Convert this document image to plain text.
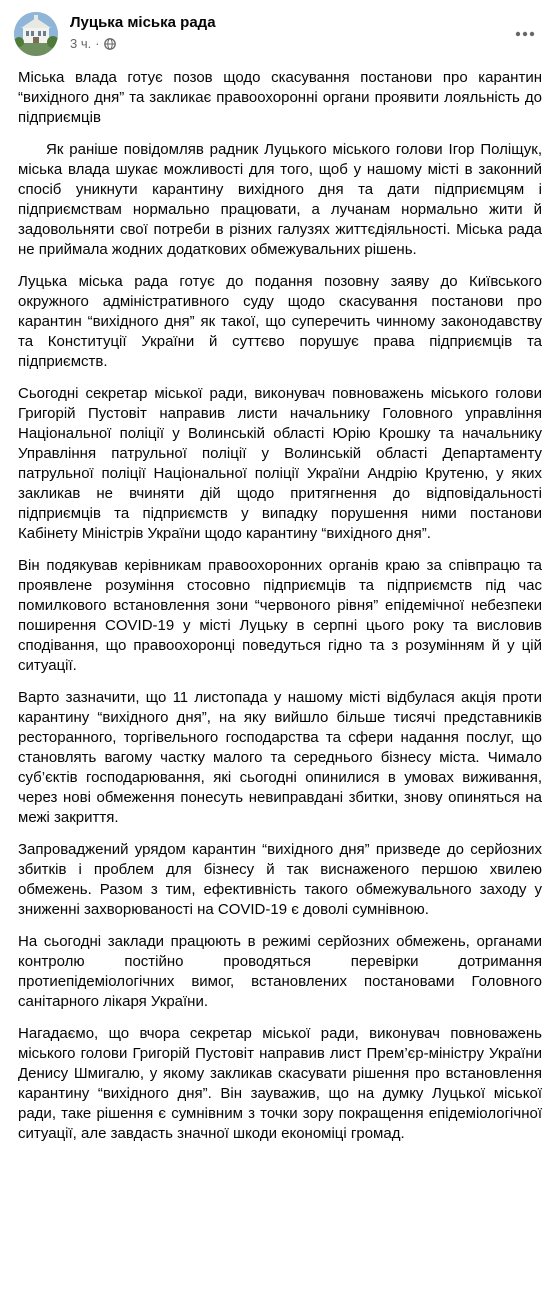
Луцька міська рада
3 ч. ·

Міська влада готує позов щодо скасування постанови про карантин “вихідного дня” та закликає правоохоронні органи проявити лояльність до підприємців

Як раніше повідомляв радник Луцького міського голови Ігор Поліщук, міська влада шукає можливості для того, щоб у нашому місті в законний спосіб уникнути карантину вихідного дня та дати підприємцям і підприємствам нормально працювати, а лучанам нормально жити й задовольняти свої потреби в різних галузях життєдіяльності. Міська рада не приймала жодних додаткових обмежувальних рішень.

Луцька міська рада готує до подання позовну заяву до Київського окружного адміністративного суду щодо скасування постанови про карантин “вихідного дня” як такої, що суперечить чинному законодавству та Конституції України й суттєво порушує права підприємців та підприємств.

Сьогодні секретар міської ради, виконувач повноважень міського голови Григорій Пустовіт направив листи начальнику Головного управління Національної поліції у Волинській області Юрію Крошку та начальнику Управління патрульної поліції у Волинській області Департаменту патрульної поліції Національної поліції України Андрію Крутеню, у яких закликав не вчиняти дій щодо притягнення до відповідальності підприємців та підприємств у випадку порушення ними постанови Кабінету Міністрів України щодо карантину “вихідного дня”.

Він подякував керівникам правоохоронних органів краю за співпрацю та проявлене розуміння стосовно підприємців та підприємств під час помилкового встановлення зони “червоного рівня” епідемічної небезпеки поширення COVID-19 у місті Луцьку в серпні цього року та висловив сподівання, що правоохоронці поведуться гідно та з розумінням й у цій ситуації.

Варто зазначити, що 11 листопада у нашому місті відбулася акція проти карантину “вихідного дня”, на яку вийшло більше тисячі представників ресторанного, торгівельного господарства та сфери надання послуг, що становлять вагому частку малого та середнього бізнесу міста. Чимало суб’єктів господарювання, які сьогодні опинилися в умовах виживання, через нові обмеження понесуть невиправдані збитки, знову опиняться на межі закриття.

Запроваджений урядом карантин “вихідного дня” призведе до серйозних збитків і проблем для бізнесу й так виснаженого першою хвилею обмежень. Разом з тим, ефективність такого обмежувального заходу у зниженні захворюваності на COVID-19 є доволі сумнівною.

На сьогодні заклади працюють в режимі серйозних обмежень, органами контролю постійно проводяться перевірки дотримання протиепідеміологічних вимог, встановлених постановами Головного санітарного лікаря України.

Нагадаємо, що вчора секретар міської ради, виконувач повноважень міського голови Григорій Пустовіт направив лист Прем’єр-міністру України Денису Шмигалю, у якому закликав скасувати рішення про встановлення карантину “вихідного дня”. Він зауважив, що на думку Луцької міської ради, таке рішення є сумнівним з точки зору покращення епідеміологічної ситуації, але завдасть значної шкоди економіці громад.
